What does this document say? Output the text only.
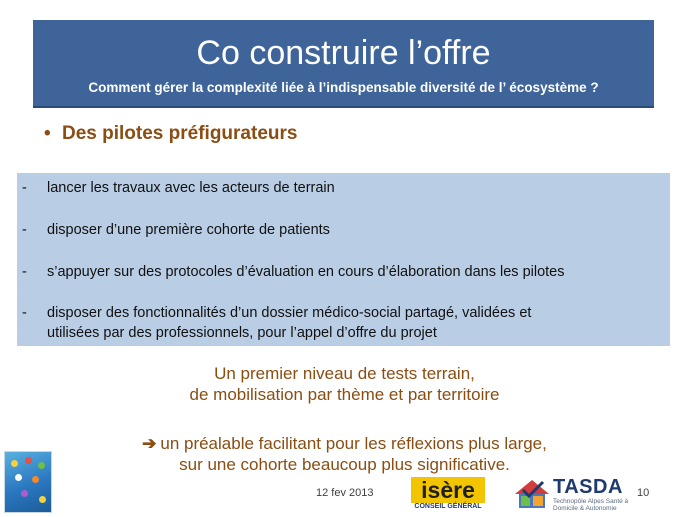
Co construire l’offre
Comment gérer la complexité liée à l’indispensable diversité de l’ écosystème ?
• Des pilotes préfigurateurs
- lancer les travaux avec les acteurs de terrain
- disposer d’une première cohorte de patients
- s’appuyer sur des protocoles d’évaluation en cours d’élaboration dans les pilotes
- disposer des fonctionnalités d’un dossier médico-social partagé, validées et
utilisées par des professionnels, pour l’appel d’offre du projet
Un premier niveau de tests terrain,
de mobilisation par thème et par territoire
➔ un préalable facilitant pour les réflexions plus large,
sur une cohorte beaucoup plus significative.
12 fev 2013	isère
CONSEIL GÉNÉRAL
TASDA
Technopôle Alpes Santé à Domicile & Autonomie
10
